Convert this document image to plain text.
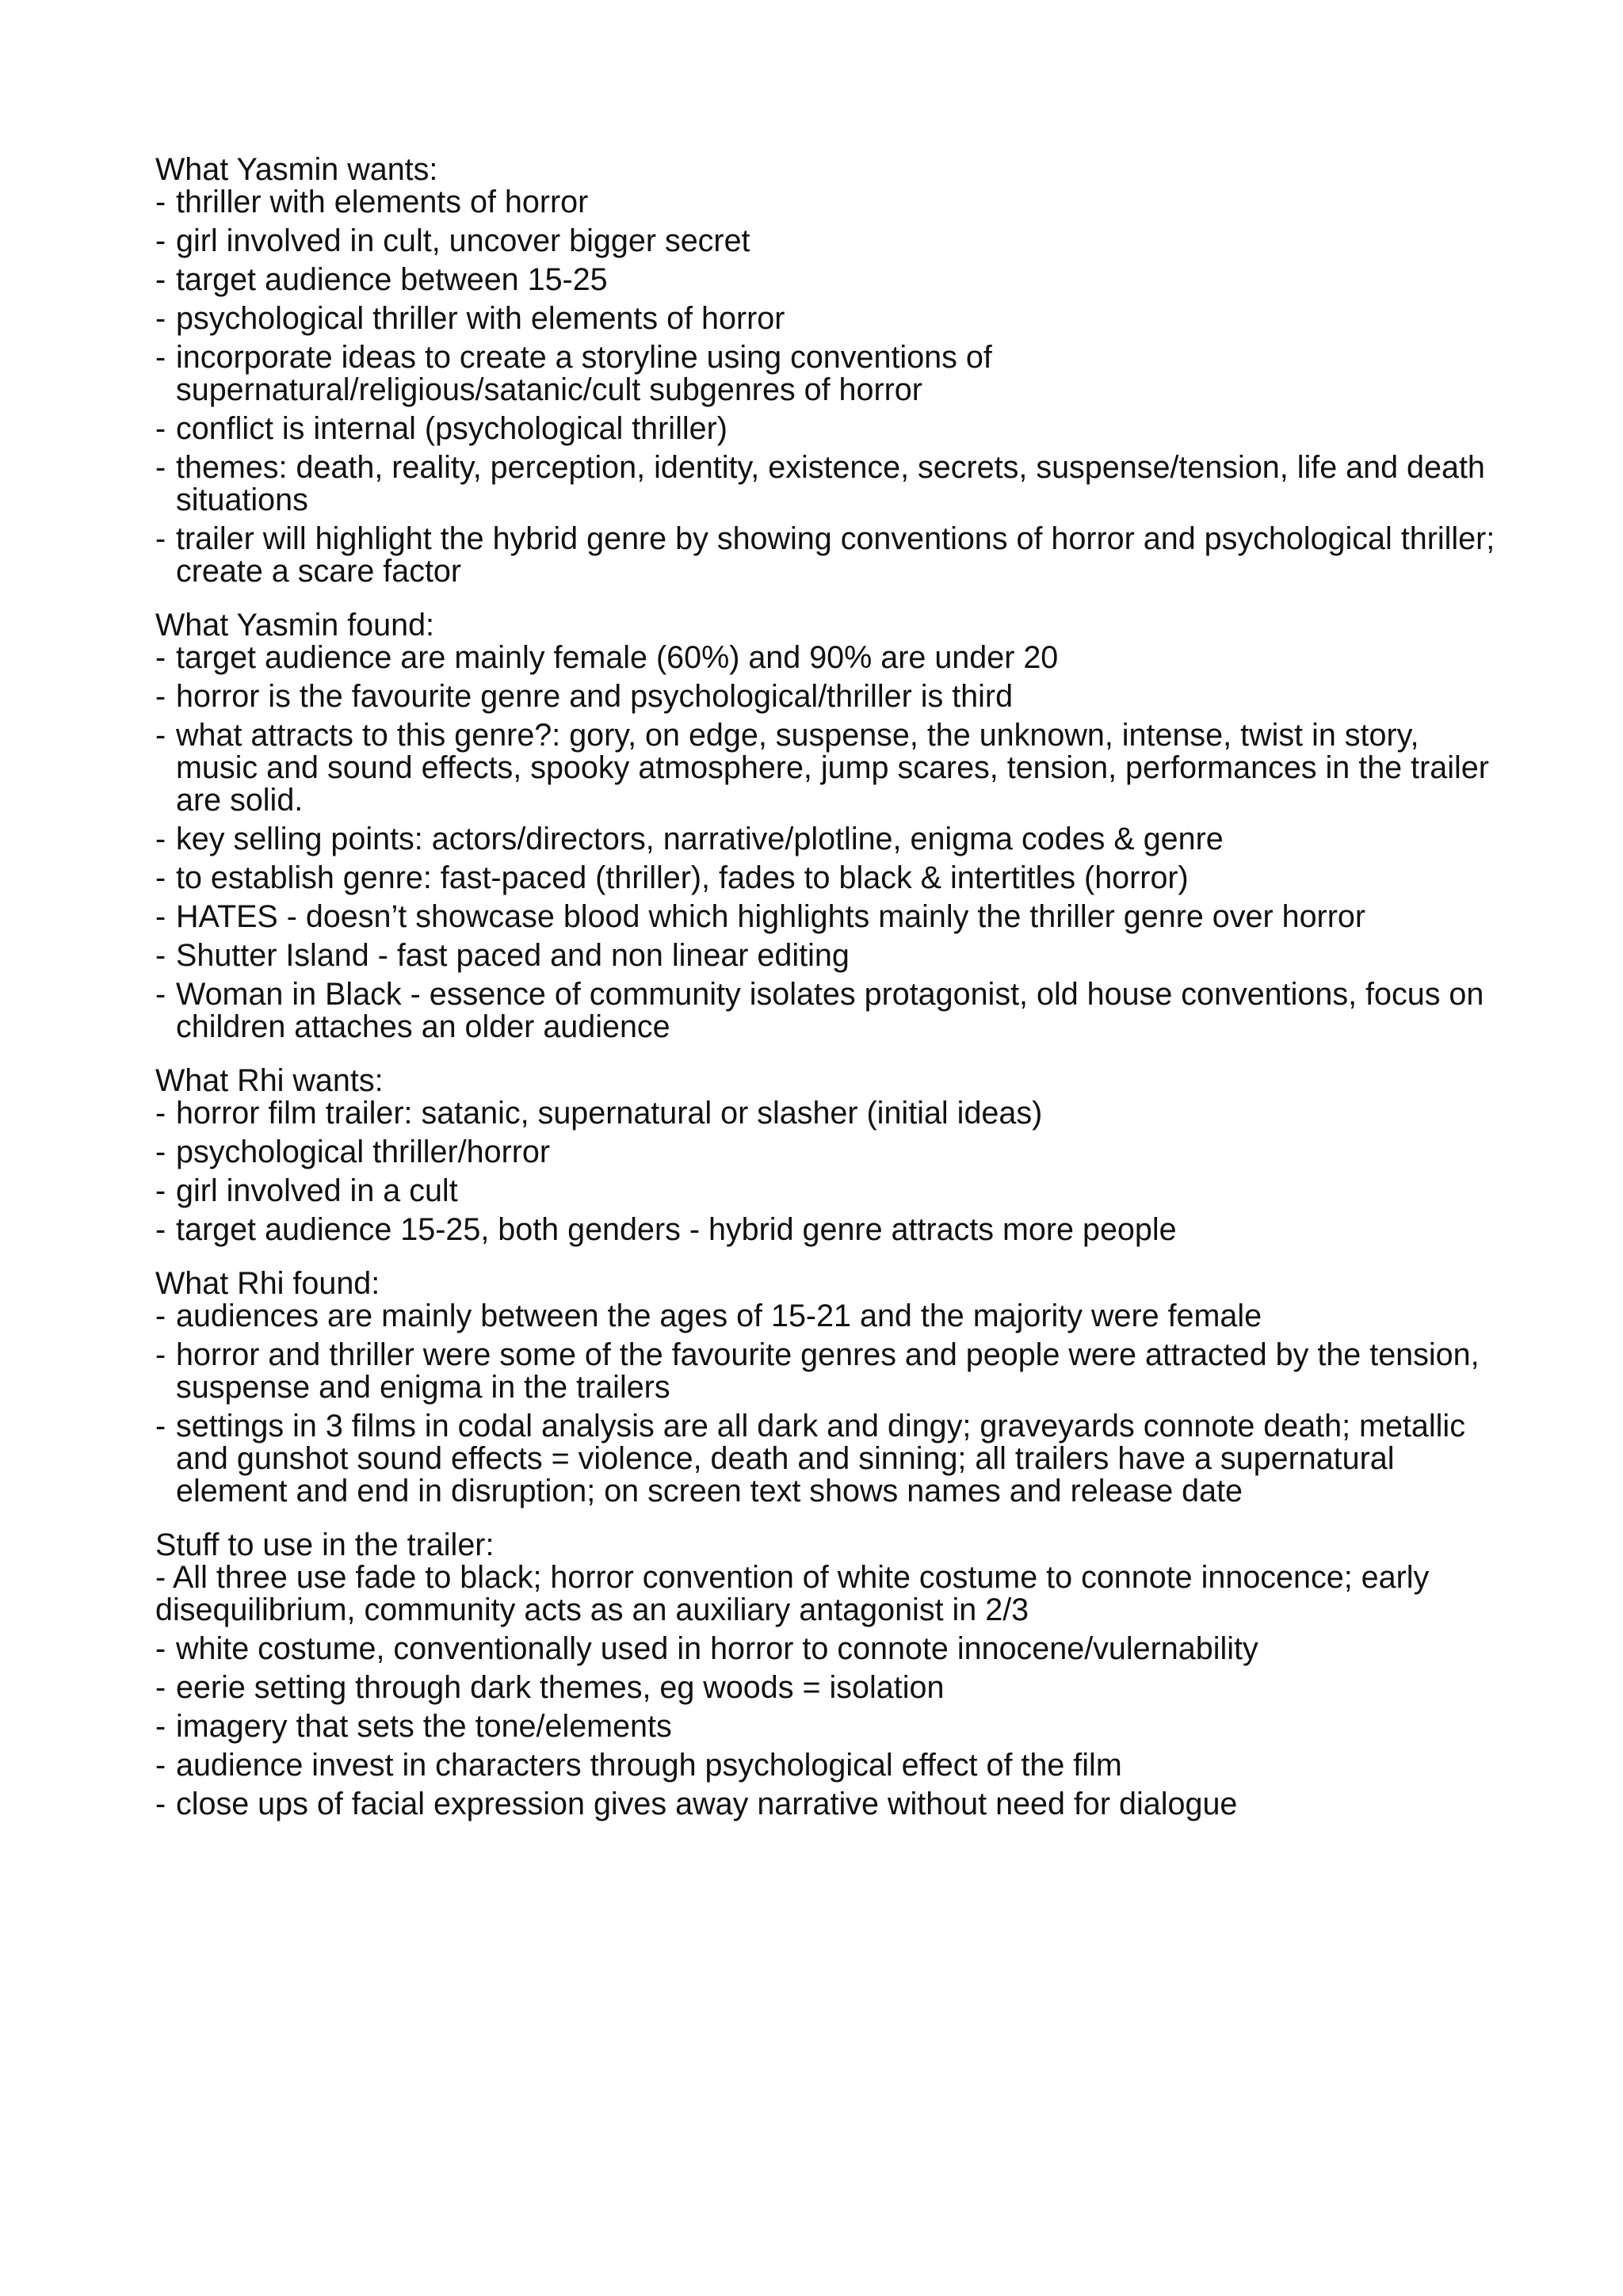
What Yasmin wants:
- thriller with elements of horror
- girl involved in cult, uncover bigger secret
- target audience between 15-25
- psychological thriller with elements of horror
- incorporate ideas to create a storyline using conventions of supernatural/religious/satanic/cult subgenres of horror
- conflict is internal (psychological thriller)
- themes: death, reality, perception, identity, existence, secrets, suspense/tension, life and death situations
- trailer will highlight the hybrid genre by showing conventions of horror and psychological thriller; create a scare factor
What Yasmin found:
- target audience are mainly female (60%) and 90% are under 20
- horror is the favourite genre and psychological/thriller is third
- what attracts to this genre?: gory, on edge, suspense, the unknown, intense, twist in story, music and sound effects, spooky atmosphere, jump scares, tension, performances in the trailer are solid.
- key selling points: actors/directors, narrative/plotline, enigma codes & genre
- to establish genre: fast-paced (thriller), fades to black & intertitles (horror)
- HATES - doesn’t showcase blood which highlights mainly the thriller genre over horror
- Shutter Island - fast paced and non linear editing
- Woman in Black - essence of community isolates protagonist, old house conventions, focus on children attaches an older audience
What Rhi wants:
- horror film trailer: satanic, supernatural or slasher (initial ideas)
- psychological thriller/horror
- girl involved in a cult
- target audience 15-25, both genders - hybrid genre attracts more people
What Rhi found:
- audiences are mainly between the ages of 15-21 and the majority were female
- horror and thriller were some of the favourite genres and people were attracted by the tension, suspense and enigma in the trailers
- settings in 3 films in codal analysis are all dark and dingy; graveyards connote death; metallic and gunshot sound effects = violence, death and sinning; all trailers have a supernatural element and end in disruption; on screen text shows names and release date
Stuff to use in the trailer:
- All three use fade to black; horror convention of white costume to connote innocence; early disequilibrium, community acts as an auxiliary antagonist in 2/3
- white costume, conventionally used in horror to connote innocene/vulernability
- eerie setting through dark themes, eg woods = isolation
- imagery that sets the tone/elements
- audience invest in characters through psychological effect of the film
- close ups of facial expression gives away narrative without need for dialogue
